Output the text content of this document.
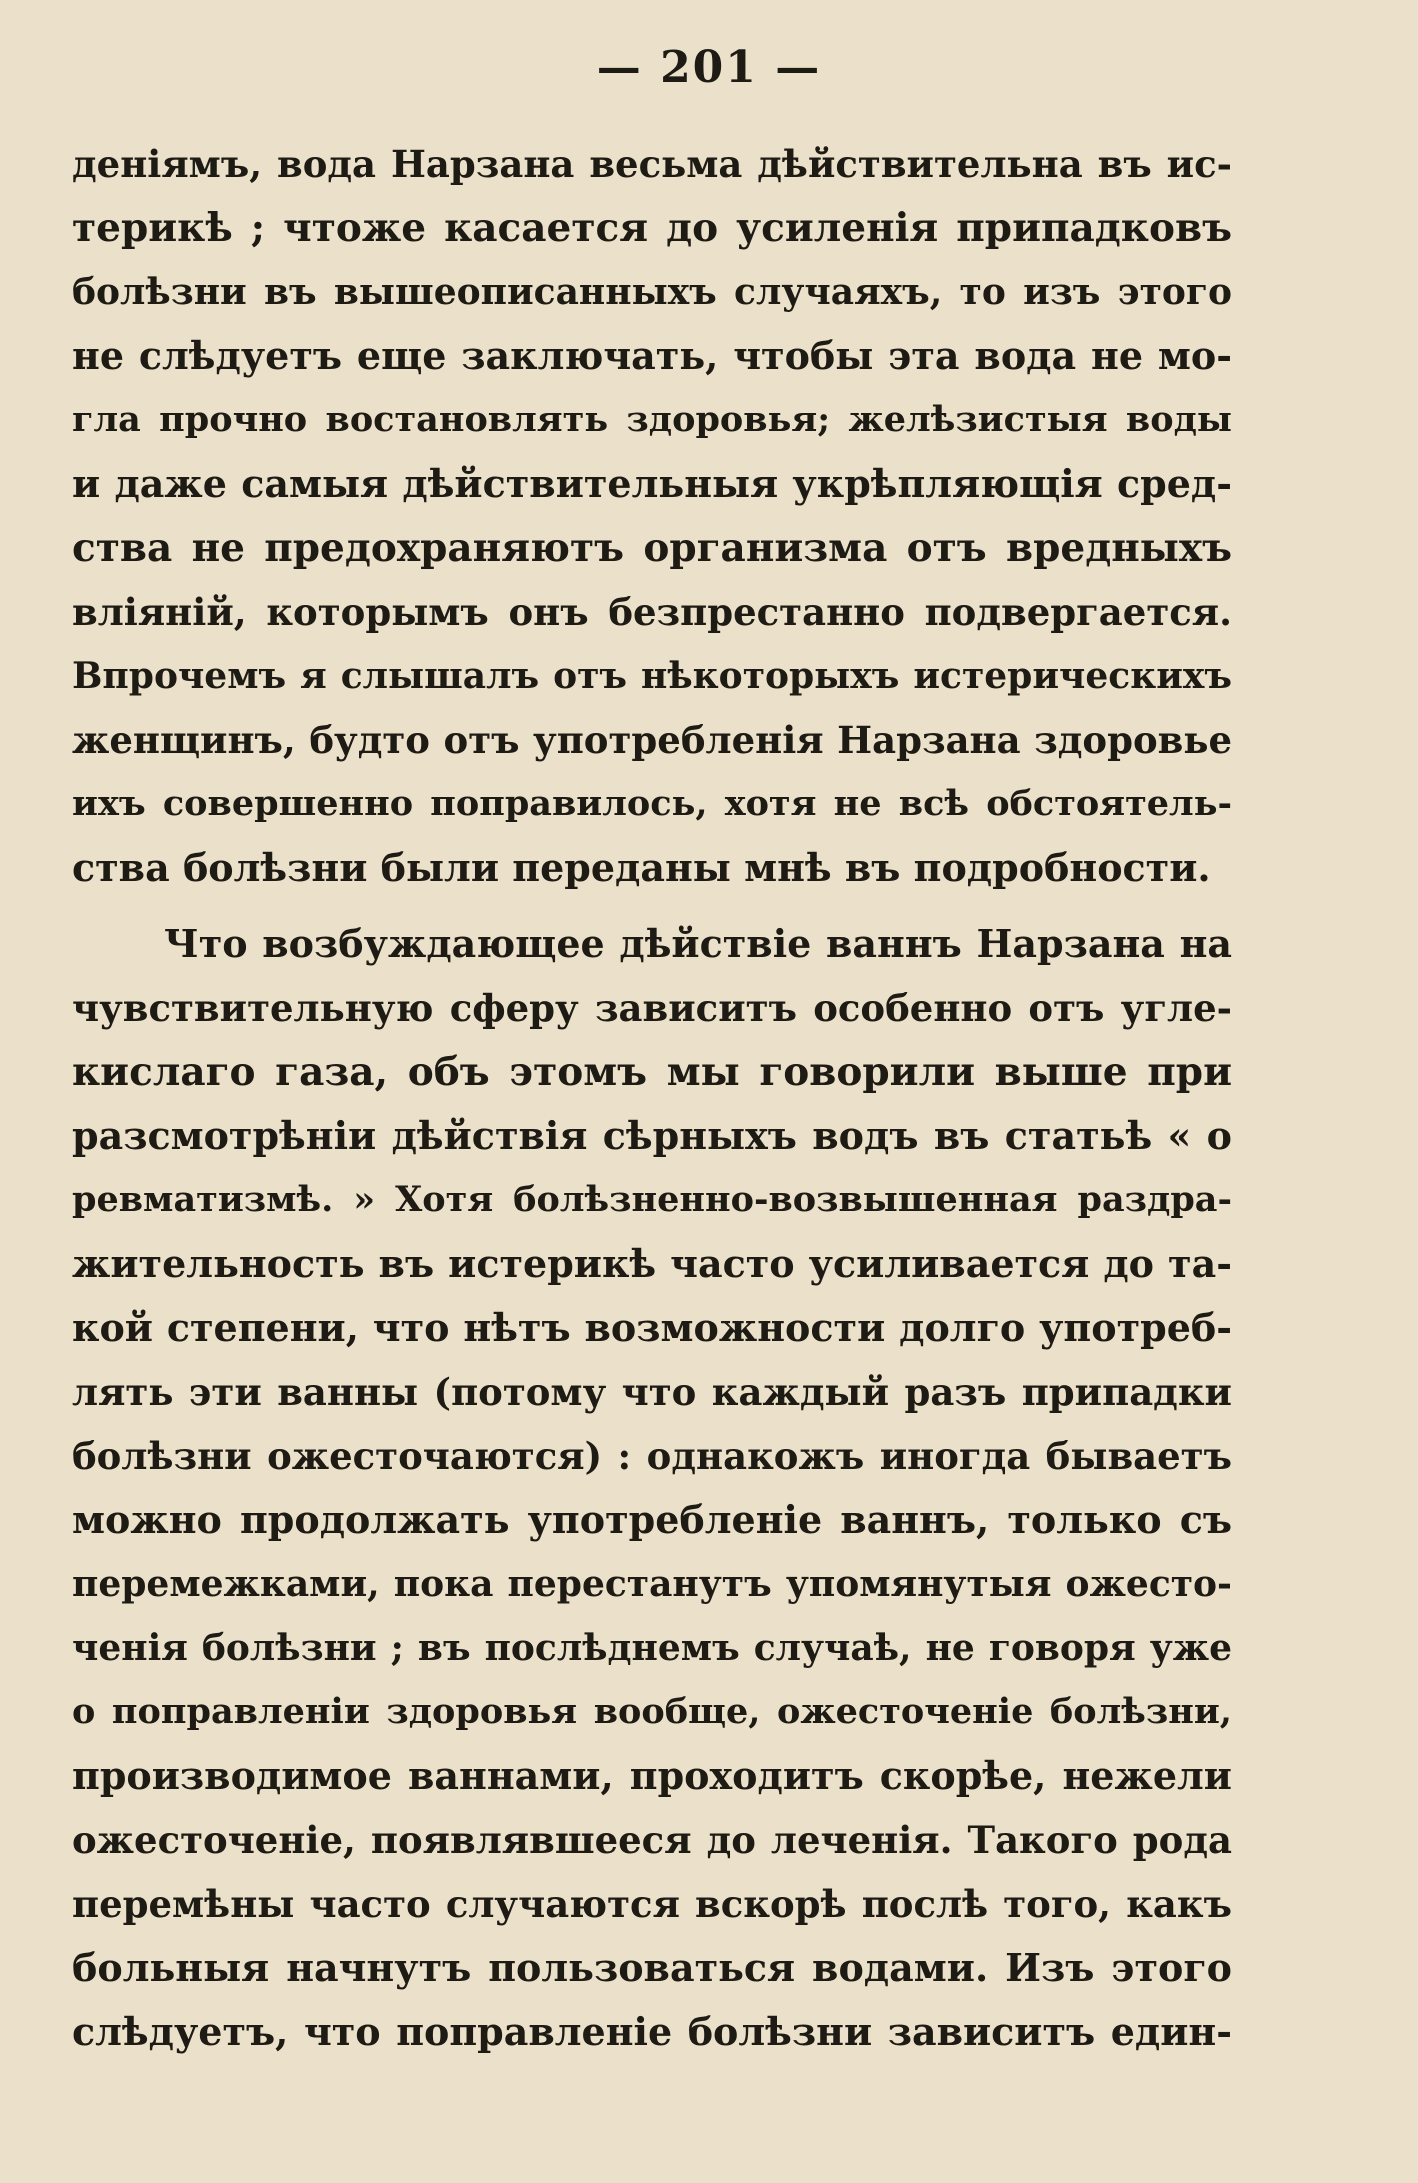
— 201 —
деніямъ, вода Нарзана весьма дѣйствительна въ ис-
терикѣ ; чтоже касается до усиленія припадковъ
болѣзни въ вышеописанныхъ случаяхъ, то изъ этого
не слѣдуетъ еще заключать, чтобы эта вода не мо-
гла прочно востановлять здоровья; желѣзистыя воды
и даже самыя дѣйствительныя укрѣпляющія сред-
ства не предохраняютъ организма отъ вредныхъ
вліяній, которымъ онъ безпрестанно подвергается.
Впрочемъ я слышалъ отъ нѣкоторыхъ истерическихъ
женщинъ, будто отъ употребленія Нарзана здоровье
ихъ совершенно поправилось, хотя не всѣ обстоятель-
ства болѣзни были переданы мнѣ въ подробности.
Что возбуждающее дѣйствіе ваннъ Нарзана на
чувствительную сферу зависитъ особенно отъ угле-
кислаго газа, объ этомъ мы говорили выше при
разсмотрѣніи дѣйствія сѣрныхъ водъ въ статьѣ « о
ревматизмѣ. » Хотя болѣзненно-возвышенная раздра-
жительность въ истерикѣ часто усиливается до та-
кой степени, что нѣтъ возможности долго употреб-
лять эти ванны (потому что каждый разъ припадки
болѣзни ожесточаются) : однакожъ иногда бываетъ
можно продолжать употребленіе ваннъ, только съ
перемежками, пока перестанутъ упомянутыя ожесто-
ченія болѣзни ; въ послѣднемъ случаѣ, не говоря уже
о поправленіи здоровья вообще, ожесточеніе болѣзни,
производимое ваннами, проходитъ скорѣе, нежели
ожесточеніе, появлявшееся до леченія. Такого рода
перемѣны часто случаются вскорѣ послѣ того, какъ
больныя начнутъ пользоваться водами. Изъ этого
слѣдуетъ, что поправленіе болѣзни зависитъ един-
